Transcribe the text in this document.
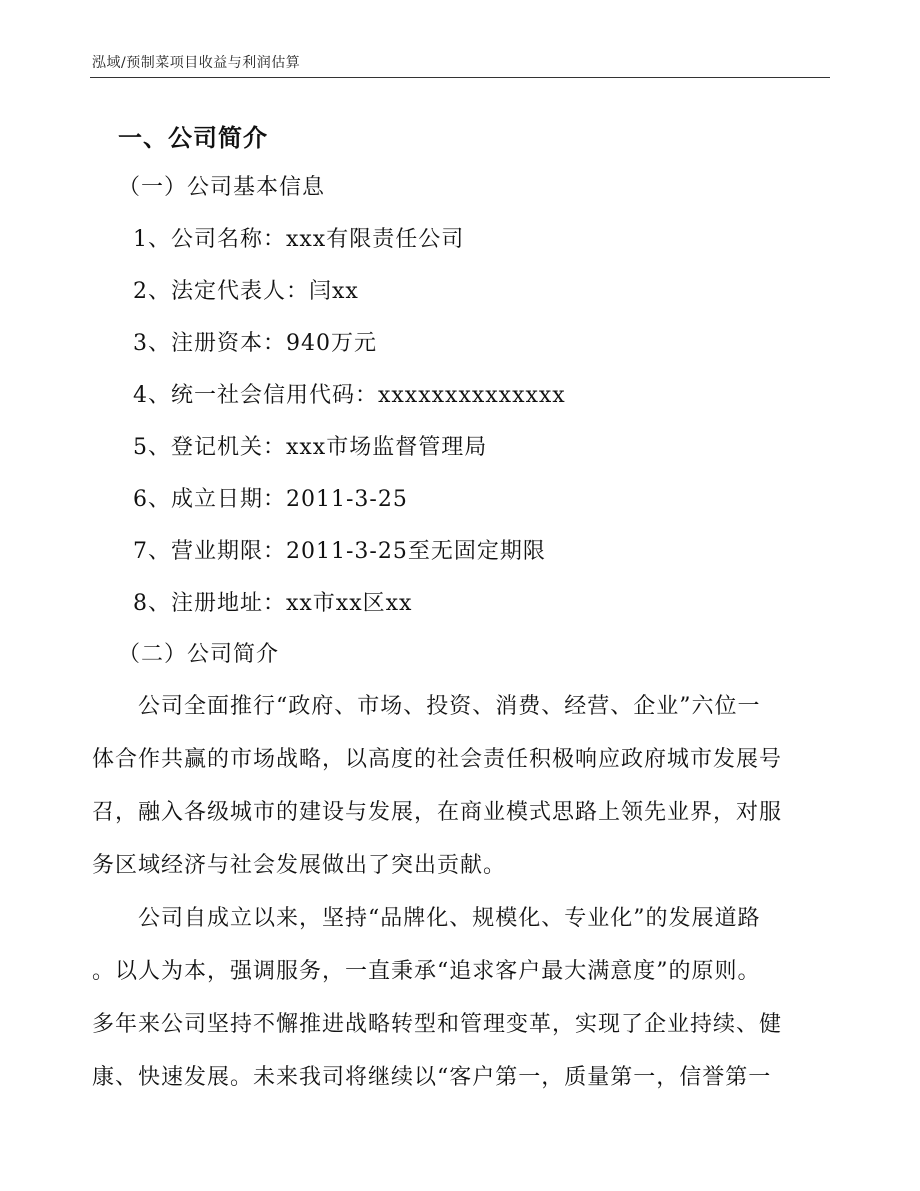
泓域/预制菜项目收益与利润估算
一、公司简介
（一）公司基本信息
1、公司名称：xxx有限责任公司
2、法定代表人：闫xx
3、注册资本：940万元
4、统一社会信用代码：xxxxxxxxxxxxxx
5、登记机关：xxx市场监督管理局
6、成立日期：2011-3-25
7、营业期限：2011-3-25至无固定期限
8、注册地址：xx市xx区xx
（二）公司简介
　　公司全面推行“政府、市场、投资、消费、经营、企业”六位一
体合作共赢的市场战略，以高度的社会责任积极响应政府城市发展号
召，融入各级城市的建设与发展，在商业模式思路上领先业界，对服
务区域经济与社会发展做出了突出贡献。
　　公司自成立以来，坚持“品牌化、规模化、专业化”的发展道路
。以人为本，强调服务，一直秉承“追求客户最大满意度”的原则。
多年来公司坚持不懈推进战略转型和管理变革，实现了企业持续、健
康、快速发展。未来我司将继续以“客户第一，质量第一，信誉第一
